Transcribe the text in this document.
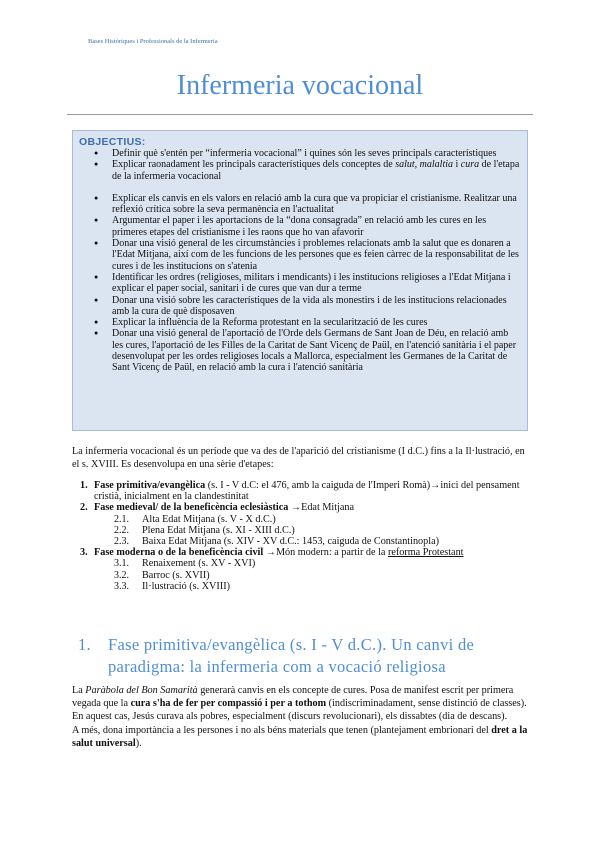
Bases Històriques i Professionals de la Infermeria
Infermeria vocacional
OBJECTIUS:
● Definir què s'entén per “infermeria vocacional” i quines són les seves principals característiques
● Explicar raonadament les principals característiques dels conceptes de salut, malaltia i cura de l'etapa de la infermeria vocacional
● Explicar els canvis en els valors en relació amb la cura que va propiciar el cristianisme. Realitzar una reflexió crítica sobre la seva permanència en l'actualitat
● Argumentar el paper i les aportacions de la “dona consagrada” en relació amb les cures en les primeres etapes del cristianisme i les raons que ho van afavorir
● Donar una visió general de les circumstàncies i problemes relacionats amb la salut que es donaren a l'Edat Mitjana, així com de les funcions de les persones que es feien càrrec de la responsabilitat de les cures i de les institucions on s'atenia
● Identificar les ordres (religioses, militars i mendicants) i les institucions religioses a l'Edat Mitjana i explicar el paper social, sanitari i de cures que van dur a terme
● Donar una visió sobre les característiques de la vida als monestirs i de les institucions relacionades amb la cura de què disposaven
● Explicar la influència de la Reforma protestant en la secularització de les cures
● Donar una visió general de l'aportació de l'Orde dels Germans de Sant Joan de Déu, en relació amb les cures, l'aportació de les Filles de la Caritat de Sant Vicenç de Paül, en l'atenció sanitària i el paper desenvolupat per les ordes religioses locals a Mallorca, especialment les Germanes de la Caritat de Sant Vicenç de Paül, en relació amb la cura i l'atenció sanitària
La infermeria vocacional és un període que va des de l'aparició del cristianisme (I d.C.) fins a la Il·lustració, en el s. XVIII. Es desenvolupa en una sèrie d'etapes:
1. Fase primitiva/evangèlica (s. I - V d.C: el 476, amb la caiguda de l'Imperi Romà)→inici del pensament cristià, inicialment en la clandestinitat
2. Fase medieval/ de la beneficència eclesiàstica →Edat Mitjana
2.1. Alta Edat Mitjana (s. V - X d.C.)
2.2. Plena Edat Mitjana (s. XI - XIII d.C.)
2.3. Baixa Edat Mitjana (s. XIV - XV d.C.: 1453, caiguda de Constantinopla)
3. Fase moderna o de la beneficència civil →Món modern: a partir de la reforma Protestant
3.1. Renaixement (s. XV - XVI)
3.2. Barroc (s. XVII)
3.3. Il·lustració (s. XVIII)
1.	Fase primitiva/evangèlica (s. I - V d.C.). Un canvi de paradigma: la infermeria com a vocació religiosa
La Paràbola del Bon Samarità generarà canvis en els concepte de cures. Posa de manifest escrit per primera vegada que la cura s'ha de fer per compassió i per a tothom (indiscriminadament, sense distinció de classes). En aquest cas, Jesús curava als pobres, especialment (discurs revolucionari), els dissabtes (dia de descans).
A més, dona importància a les persones i no als béns materials que tenen (plantejament embrionari del dret a la salut universal).
